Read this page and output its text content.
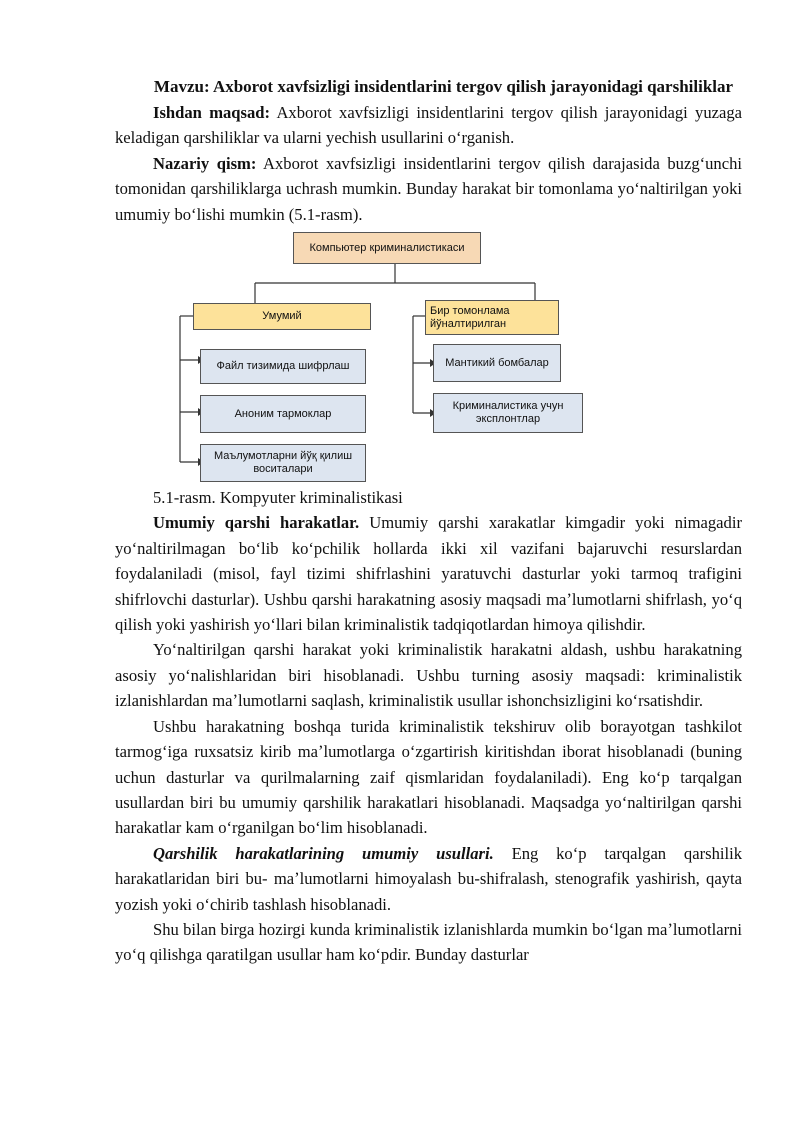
Mavzu: Axborot xavfsizligi insidentlarini tergov qilish jarayonidagi qarshiliklar

Ishdan maqsad: Axborot xavfsizligi insidentlarini tergov qilish jarayonidagi yuzaga keladigan qarshiliklar va ularni yechish usullarini oʻrganish.

Nazariy qism: Axborot xavfsizligi insidentlarini tergov qilish darajasida buzgʻunchi tomonidan qarshiliklarga uchrash mumkin. Bunday harakat bir tomonlama yoʻnaltirilgan yoki umumiy boʻlishi mumkin (5.1-rasm).

Компьютер криминалистикаси
Умумий
Файл тизимида шифрлаш
Аноним тармоклар
Маълумотларни йўқ қилиш воситалари
Бир томонлама йўналтирилган
Мантикий бомбалар
Криминалистика учун эксплонтлар

5.1-rasm. Kompyuter kriminalistikasi

Umumiy qarshi harakatlar. Umumiy qarshi xarakatlar kimgadir yoki nimagadir yoʻnaltirilmagan boʻlib koʻpchilik hollarda ikki xil vazifani bajaruvchi resurslardan foydalaniladi (misol, fayl tizimi shifrlashini yaratuvchi dasturlar yoki tarmoq trafigini shifrlovchi dasturlar). Ushbu qarshi harakatning asosiy maqsadi maʼlumotlarni shifrlash, yoʻq qilish yoki yashirish yoʻllari bilan kriminalistik tadqiqotlardan himoya qilishdir.

Yoʻnaltirilgan qarshi harakat yoki kriminalistik harakatni aldash, ushbu harakatning asosiy yoʻnalishlaridan biri hisoblanadi. Ushbu turning asosiy maqsadi: kriminalistik izlanishlardan maʼlumotlarni saqlash, kriminalistik usullar ishonchsizligini koʻrsatishdir.

Ushbu harakatning boshqa turida kriminalistik tekshiruv olib borayotgan tashkilot tarmogʻiga ruxsatsiz kirib maʼlumotlarga oʻzgartirish kiritishdan iborat hisoblanadi (buning uchun dasturlar va qurilmalarning zaif qismlaridan foydalaniladi). Eng koʻp tarqalgan usullardan biri bu umumiy qarshilik harakatlari hisoblanadi. Maqsadga yoʻnaltirilgan qarshi harakatlar kam oʻrganilgan boʻlim hisoblanadi.

Qarshilik harakatlarining umumiy usullari. Eng koʻp tarqalgan qarshilik harakatlaridan biri bu- maʼlumotlarni himoyalash bu-shifralash, stenografik yashirish, qayta yozish yoki oʻchirib tashlash hisoblanadi.

Shu bilan birga hozirgi kunda kriminalistik izlanishlarda mumkin boʻlgan maʼlumotlarni yoʻq qilishga qaratilgan usullar ham koʻpdir. Bunday dasturlar
